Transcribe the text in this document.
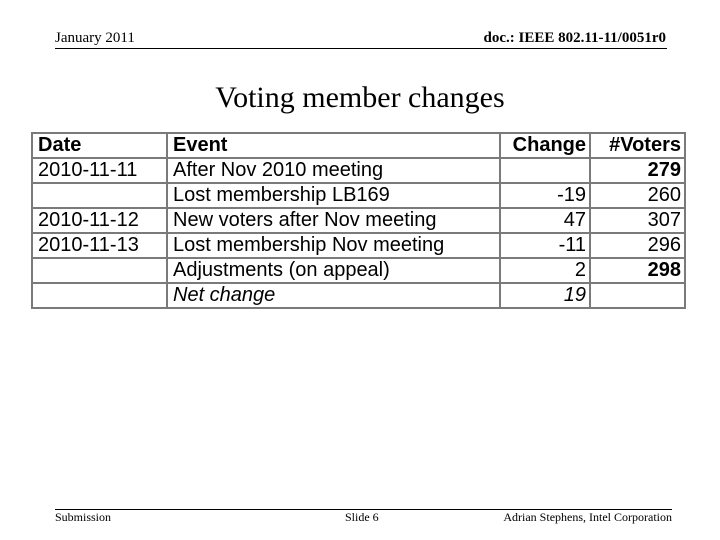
January 2011	doc.: IEEE 802.11-11/0051r0
Voting member changes
Date	Event	Change	#Voters
2010-11-11	After Nov 2010 meeting		279
	Lost membership LB169	-19	260
2010-11-12	New voters after Nov meeting	47	307
2010-11-13	Lost membership Nov meeting	-11	296
	Adjustments (on appeal)	2	298
	Net change	19	
Submission	Slide 6	Adrian Stephens, Intel Corporation
